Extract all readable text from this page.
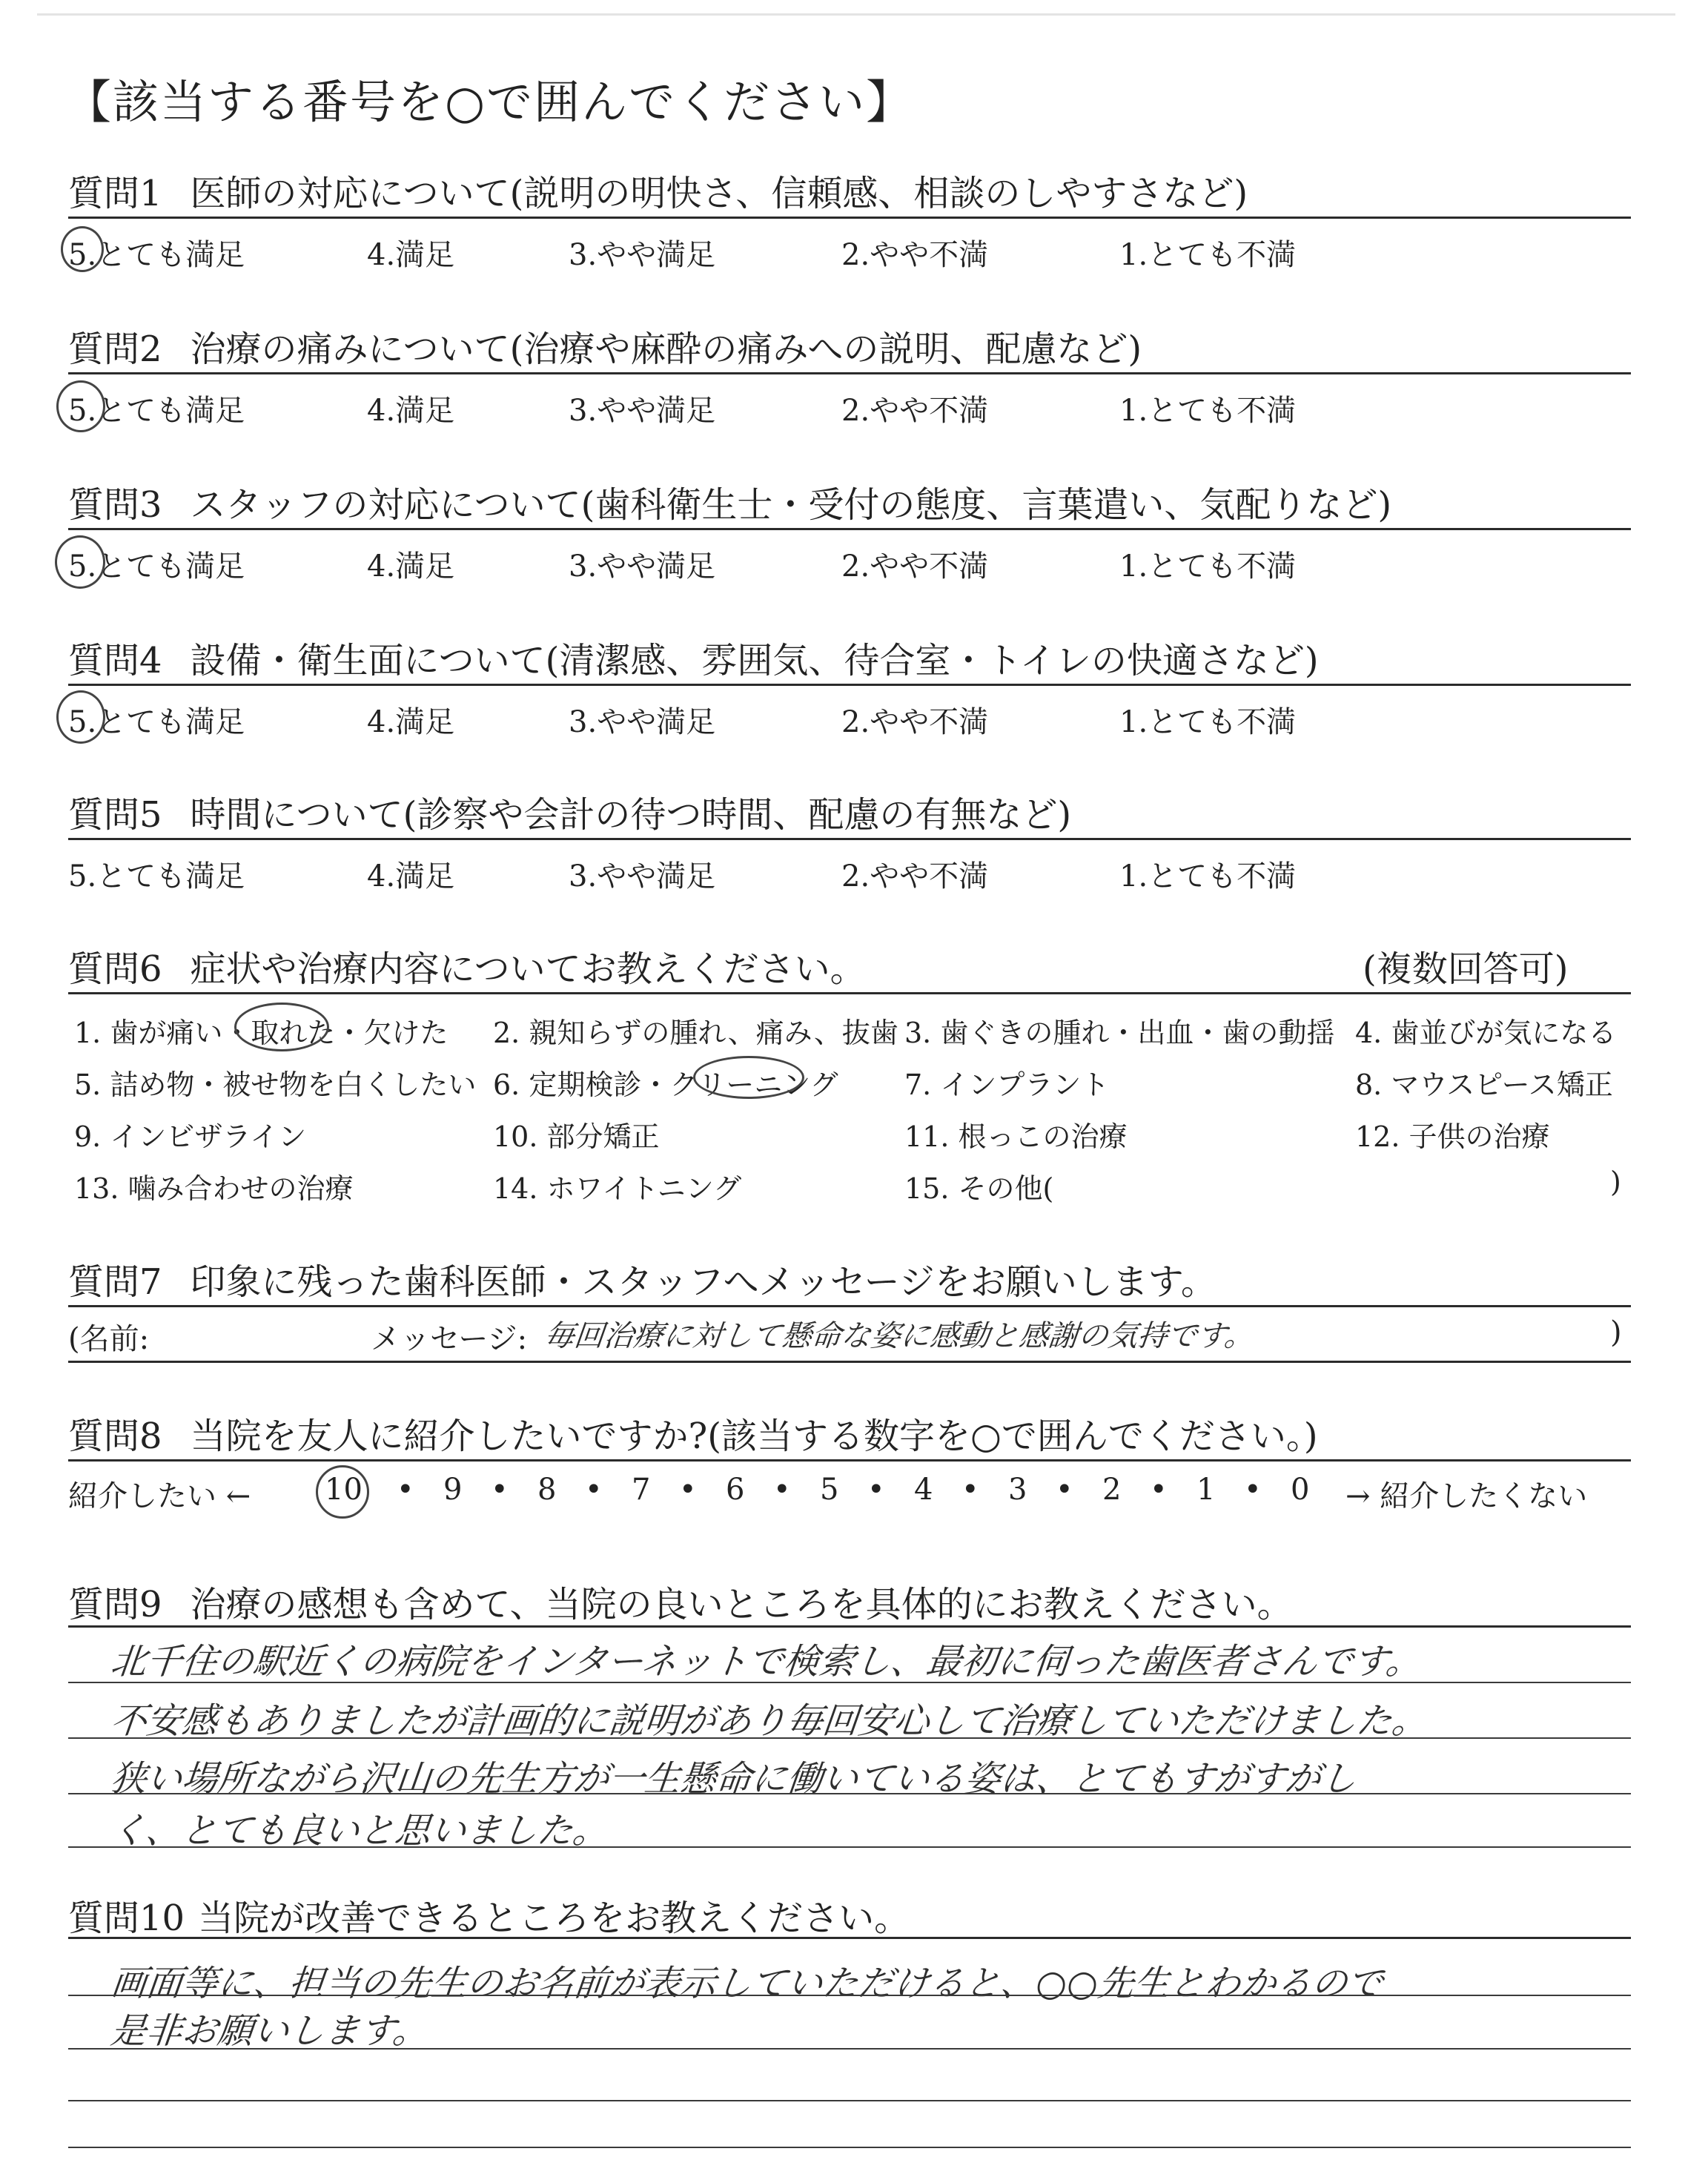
【該当する番号を○で囲んでください】
質問1 医師の対応について(説明の明快さ、信頼感、相談のしやすさなど)
5.とても満足	4.満足	3.やや満足	2.やや不満	1.とても不満
質問2 治療の痛みについて(治療や麻酔の痛みへの説明、配慮など)
5.とても満足	4.満足	3.やや満足	2.やや不満	1.とても不満
質問3 スタッフの対応について(歯科衛生士・受付の態度、言葉遣い、気配りなど)
5.とても満足	4.満足	3.やや満足	2.やや不満	1.とても不満
質問4 設備・衛生面について(清潔感、雰囲気、待合室・トイレの快適さなど)
5.とても満足	4.満足	3.やや満足	2.やや不満	1.とても不満
質問5 時間について(診察や会計の待つ時間、配慮の有無など)
5.とても満足	4.満足	3.やや満足	2.やや不満	1.とても不満
質問6 症状や治療内容についてお教えください。	(複数回答可)
1. 歯が痛い・取れた・欠けた 2. 親知らずの腫れ、痛み、抜歯 3. 歯ぐきの腫れ・出血・歯の動揺 4. 歯並びが気になる
5. 詰め物・被せ物を白くしたい 6. 定期検診・クリーニング 7. インプラント	8. マウスピース矯正
9. インビザライン	10. 部分矯正	11. 根っこの治療	12. 子供の治療
13. 噛み合わせの治療	14. ホワイトニング	15. その他(	)
質問7 印象に残った歯科医師・スタッフへメッセージをお願いします。
(名前:	メッセージ: 毎回治療に対して懸命な姿に感動と感謝の気持です。	)
質問8 当院を友人に紹介したいですか?(該当する数字を○で囲んでください。)
紹介したい ← 10 • 9 • 8 • 7 • 6 • 5 • 4 • 3 • 2 • 1 • 0 → 紹介したくない
質問9 治療の感想も含めて、当院の良いところを具体的にお教えください。
北千住の駅近くの病院をインターネットで検索し、最初に伺った歯医者さんです。
不安感もありましたが計画的に説明があり毎回安心して治療していただけました。
狭い場所ながら沢山の先生方が一生懸命に働いている姿は、とてもすがすがし
く、とても良いと思いました。
質問10 当院が改善できるところをお教えください。
画面等に、担当の先生のお名前が表示していただけると、○○先生とわかるので
是非お願いします。
